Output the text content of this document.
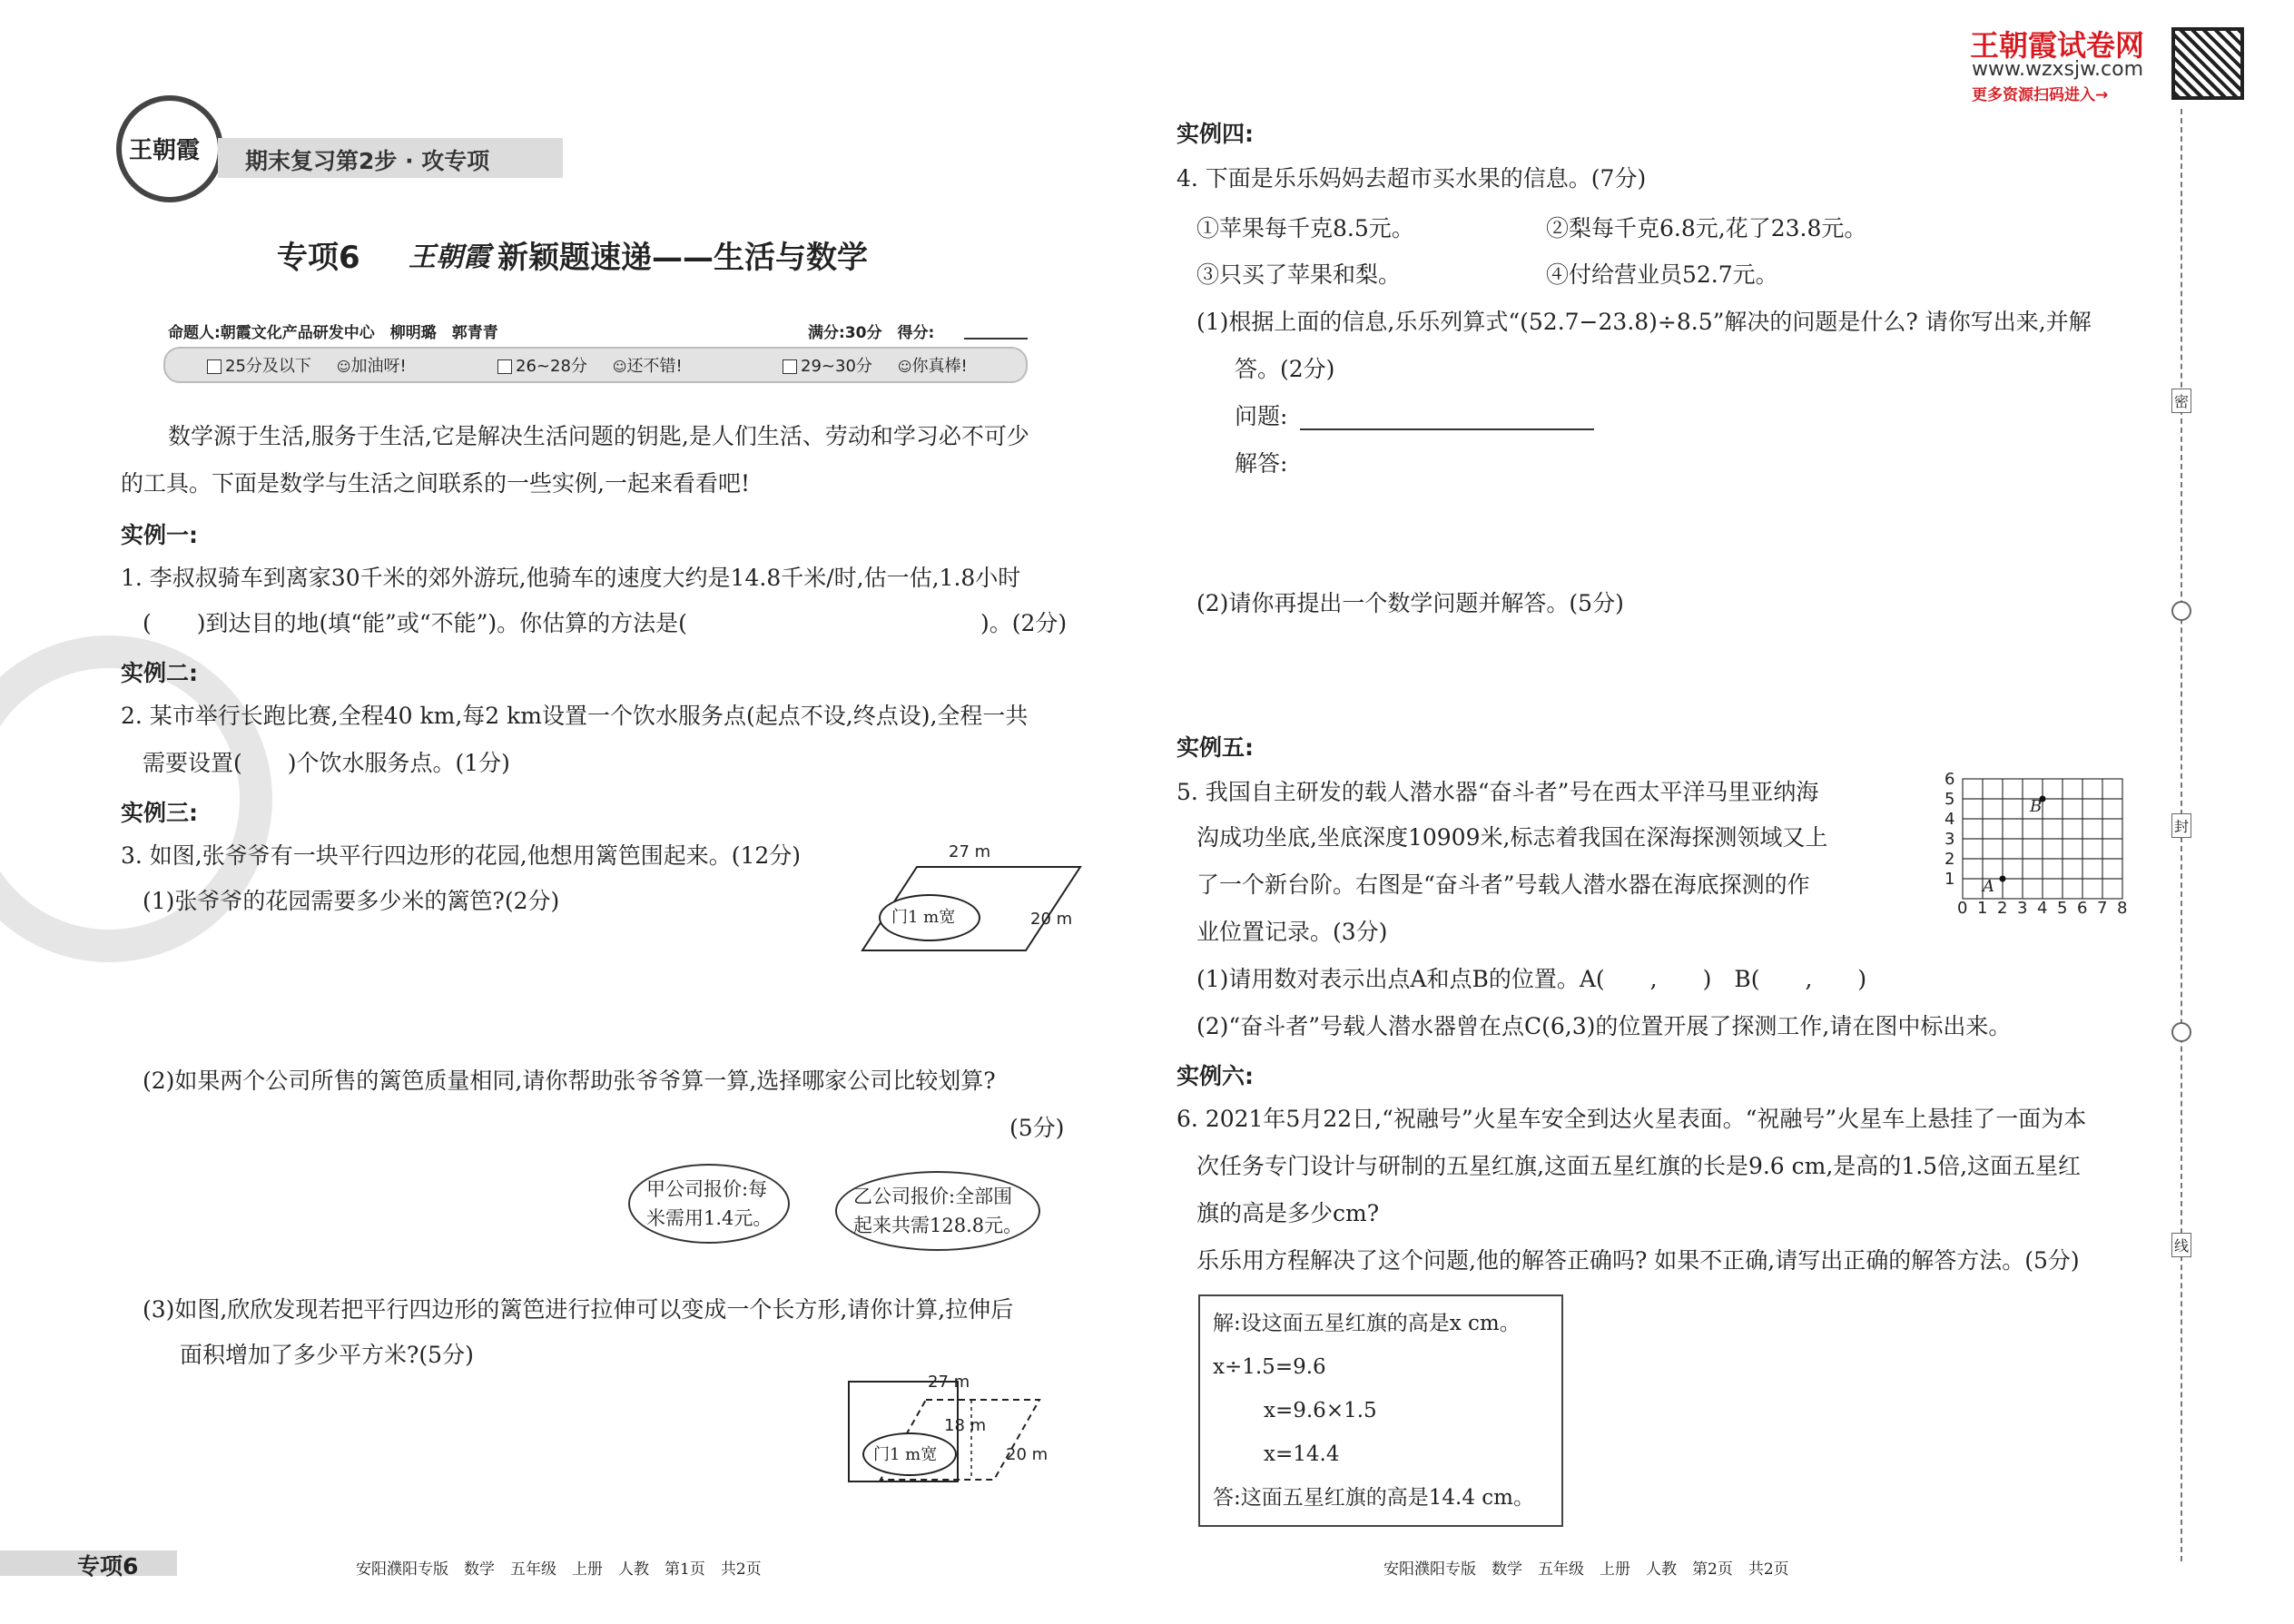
王朝霞 期末复习第2步 · 攻专项
专项6 王朝霞 新颖题速递——生活与数学
命题人:朝霞文化产品研发中心　柳明璐　郭青青	满分:30分　得分:
25分及以下 ☺加油呀!	26~28分 ☺还不错!	29~30分 ☺你真棒!
数学源于生活,服务于生活,它是解决生活问题的钥匙,是人们生活、劳动和学习必不可少
的工具。下面是数学与生活之间联系的一些实例,一起来看看吧!
实例一:
1. 李叔叔骑车到离家30千米的郊外游玩,他骑车的速度大约是14.8千米/时,估一估,1.8小时
(　　)到达目的地(填“能”或“不能”)。你估算的方法是(	)。(2分)
实例二:
2. 某市举行长跑比赛,全程40 km,每2 km设置一个饮水服务点(起点不设,终点设),全程一共
需要设置(　　)个饮水服务点。(1分)
实例三:
3. 如图,张爷爷有一块平行四边形的花园,他想用篱笆围起来。(12分)
(1)张爷爷的花园需要多少米的篱笆?(2分)
27 m
20 m
门1 m宽
(2)如果两个公司所售的篱笆质量相同,请你帮助张爷爷算一算,选择哪家公司比较划算?
(5分)
甲公司报价:每
米需用1.4元。
乙公司报价:全部围
起来共需128.8元。
(3)如图,欣欣发现若把平行四边形的篱笆进行拉伸可以变成一个长方形,请你计算,拉伸后
面积增加了多少平方米?(5分)
27 m
18 m
20 m
门1 m宽
专项6	安阳濮阳专版　数学　五年级　上册　人教　第1页　共2页
王朝霞试卷网
www.wzxsjw.com
更多资源扫码进入→
实例四:
4. 下面是乐乐妈妈去超市买水果的信息。(7分)
①苹果每千克8.5元。	②梨每千克6.8元,花了23.8元。
③只买了苹果和梨。	④付给营业员52.7元。
(1)根据上面的信息,乐乐列算式“(52.7−23.8)÷8.5”解决的问题是什么? 请你写出来,并解
答。(2分)
问题:
解答:
(2)请你再提出一个数学问题并解答。(5分)
实例五:
5. 我国自主研发的载人潜水器“奋斗者”号在西太平洋马里亚纳海
沟成功坐底,坐底深度10909米,标志着我国在深海探测领域又上
了一个新台阶。右图是“奋斗者”号载人潜水器在海底探测的作
业位置记录。(3分)
6
5
4
3
2
1
0 1 2 3 4 5 6 7 8
A
B
(1)请用数对表示出点A和点B的位置。A(　　,　　)　B(　　,　　)
(2)“奋斗者”号载人潜水器曾在点C(6,3)的位置开展了探测工作,请在图中标出来。
实例六:
6. 2021年5月22日,“祝融号”火星车安全到达火星表面。“祝融号”火星车上悬挂了一面为本
次任务专门设计与研制的五星红旗,这面五星红旗的长是9.6 cm,是高的1.5倍,这面五星红
旗的高是多少cm?
乐乐用方程解决了这个问题,他的解答正确吗? 如果不正确,请写出正确的解答方法。(5分)
解:设这面五星红旗的高是x cm。
x÷1.5=9.6
x=9.6×1.5
x=14.4
答:这面五星红旗的高是14.4 cm。
安阳濮阳专版　数学　五年级　上册　人教　第2页　共2页
密
封
线
